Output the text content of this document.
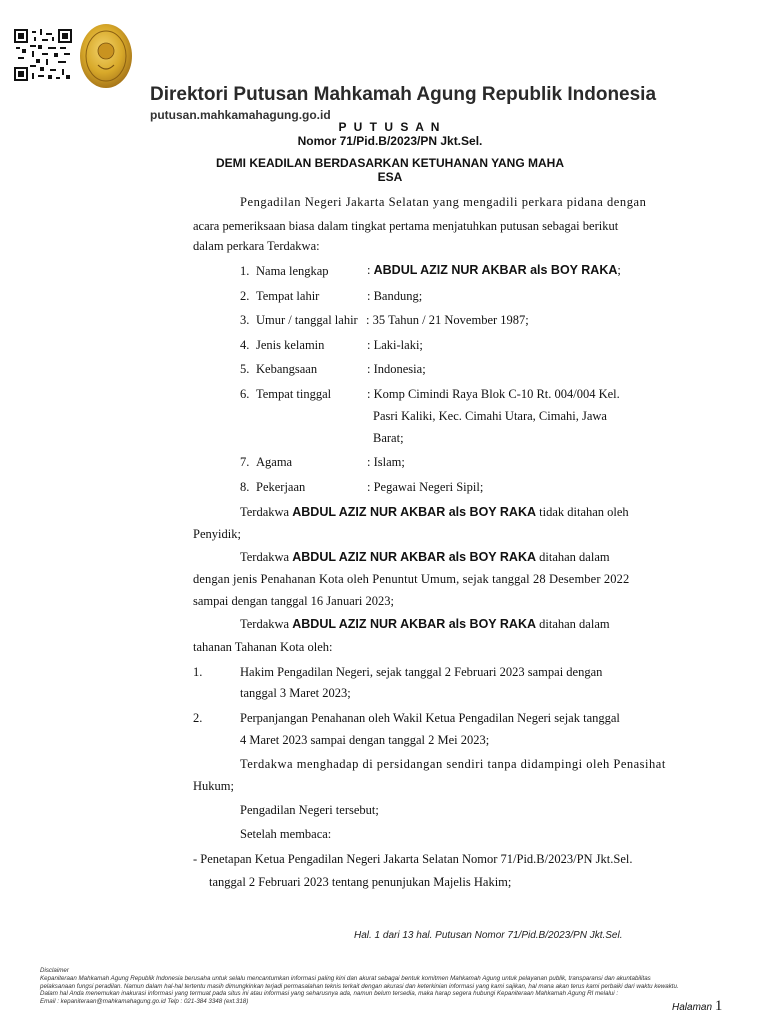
Direktori Putusan Mahkamah Agung Republik Indonesia
putusan.mahkamahagung.go.id
P U T U S A N
Nomor 71/Pid.B/2023/PN Jkt.Sel.
DEMI KEADILAN BERDASARKAN KETUHANAN YANG MAHA
ESA
Pengadilan Negeri Jakarta Selatan yang mengadili perkara pidana dengan
acara pemeriksaan biasa dalam tingkat pertama menjatuhkan putusan sebagai berikut
dalam perkara Terdakwa:
1. Nama lengkap	: ABDUL AZIZ NUR AKBAR als BOY RAKA;
2. Tempat lahir	: Bandung;
3. Umur / tanggal lahir : 35 Tahun / 21 November 1987;
4. Jenis kelamin	: Laki-laki;
5. Kebangsaan	: Indonesia;
6. Tempat tinggal	: Komp Cimindi Raya Blok C-10 Rt. 004/004 Kel.
Pasri Kaliki, Kec. Cimahi Utara, Cimahi, Jawa
Barat;
7. Agama	: Islam;
8. Pekerjaan	: Pegawai Negeri Sipil;
Terdakwa ABDUL AZIZ NUR AKBAR als BOY RAKA tidak ditahan oleh
Penyidik;
Terdakwa ABDUL AZIZ NUR AKBAR als BOY RAKA ditahan dalam
dengan jenis Penahanan Kota oleh Penuntut Umum, sejak tanggal 28 Desember 2022
sampai dengan tanggal 16 Januari 2023;
Terdakwa ABDUL AZIZ NUR AKBAR als BOY RAKA ditahan dalam
tahanan Tahanan Kota oleh:
1.	Hakim Pengadilan Negeri, sejak tanggal 2 Februari 2023 sampai dengan
tanggal 3 Maret 2023;
2.	Perpanjangan Penahanan oleh Wakil Ketua Pengadilan Negeri sejak tanggal
4 Maret 2023 sampai dengan tanggal 2 Mei 2023;
Terdakwa menghadap di persidangan sendiri tanpa didampingi oleh Penasihat
Hukum;
Pengadilan Negeri tersebut;
Setelah membaca:
- Penetapan Ketua Pengadilan Negeri Jakarta Selatan Nomor 71/Pid.B/2023/PN Jkt.Sel.
tanggal 2 Februari 2023 tentang penunjukan Majelis Hakim;
Hal. 1 dari 13 hal. Putusan Nomor 71/Pid.B/2023/PN Jkt.Sel.
Disclaimer
Kepaniteraan Mahkamah Agung Republik Indonesia berusaha untuk selalu mencantumkan informasi paling kini dan akurat sebagai bentuk komitmen Mahkamah Agung untuk pelayanan publik, transparansi dan akuntabilitas
pelaksanaan fungsi peradilan. Namun dalam hal-hal tertentu masih dimungkinkan terjadi permasalahan teknis terkait dengan akurasi dan keterkinian informasi yang kami sajikan, hal mana akan terus kami perbaiki dari waktu kewaktu.
Dalam hal Anda menemukan inakurasi informasi yang termuat pada situs ini atau informasi yang seharusnya ada, namun belum tersedia, maka harap segera hubungi Kepaniteraan Mahkamah Agung RI melalui :
Email : kepaniteraan@mahkamahagung.go.id Telp : 021-384 3348 (ext.318)
Halaman 1
